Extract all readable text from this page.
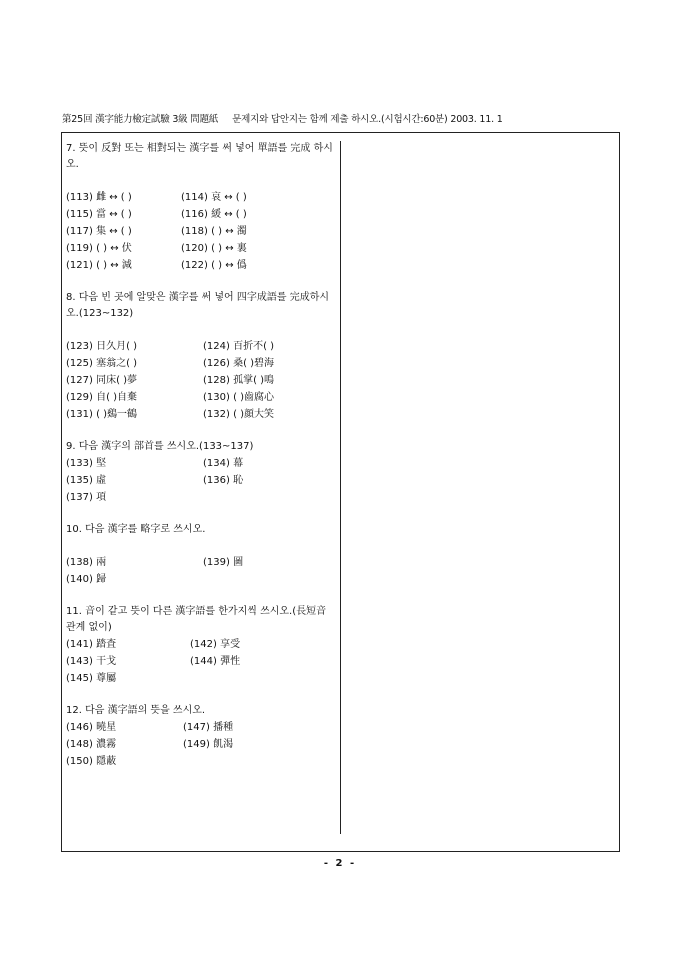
第25回 漢字能力檢定試驗 3級 問題紙 문제지와 답안지는 함께 제출 하시오.(시험시간:60분) 2003. 11. 1
7. 뜻이 反對 또는 相對되는 漢字를 써 넣어 單語를 完成 하시오.
(113) 雌 ↔ ( )	(114) 哀 ↔ ( )
(115) 當 ↔ ( )	(116) 緩 ↔ ( )
(117) 集 ↔ ( )	(118) ( ) ↔ 濁
(119) ( ) ↔ 伏	(120) ( ) ↔ 裏
(121) ( ) ↔ 減	(122) ( ) ↔ 僞
8. 다음 빈 곳에 알맞은 漢字를 써 넣어 四字成語를 完成하시오.(123~132)
(123) 日久月( )	(124) 百折不( )
(125) 塞翁之( )	(126) 桑( )碧海
(127) 同床( )夢	(128) 孤掌( )鳴
(129) 自( )自棄	(130) ( )齒腐心
(131) ( )鷄一鶴	(132) ( )顔大笑
9. 다음 漢字의 部首를 쓰시오.(133~137)
(133) 堅	(134) 幕
(135) 虛	(136) 恥
(137) 項
10. 다음 漢字를 略字로 쓰시오.
(138) 兩	(139) 圖
(140) 歸
11. 音이 같고 뜻이 다른 漢字語를 한가지씩 쓰시오.(長短音 관계 없이)
(141) 踏査	(142) 享受
(143) 干戈	(144) 彈性
(145) 尊屬
12. 다음 漢字語의 뜻을 쓰시오.
(146) 曉星	(147) 播種
(148) 濃霧	(149) 飢渴
(150) 隱蔽
- 2 -
